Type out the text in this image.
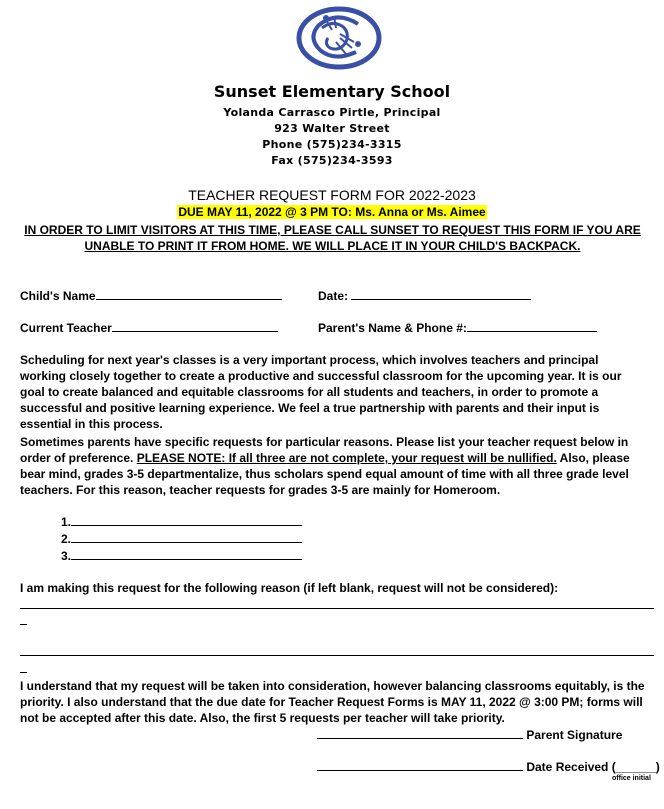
Sunset Elementary School
Yolanda Carrasco Pirtle, Principal
923 Walter Street
Phone (575)234-3315
Fax (575)234-3593
TEACHER REQUEST FORM FOR 2022-2023
DUE MAY 11, 2022 @ 3 PM TO: Ms. Anna or Ms. Aimee
IN ORDER TO LIMIT VISITORS AT THIS TIME, PLEASE CALL SUNSET TO REQUEST THIS FORM IF YOU ARE UNABLE TO PRINT IT FROM HOME. WE WILL PLACE IT IN YOUR CHILD'S BACKPACK.
Child's Name	Date:
Current Teacher	Parent's Name & Phone #:
Scheduling for next year's classes is a very important process, which involves teachers and principal working closely together to create a productive and successful classroom for the upcoming year. It is our goal to create balanced and equitable classrooms for all students and teachers, in order to promote a successful and positive learning experience. We feel a true partnership with parents and their input is essential in this process.
Sometimes parents have specific requests for particular reasons. Please list your teacher request below in order of preference. PLEASE NOTE: If all three are not complete, your request will be nullified. Also, please bear mind, grades 3-5 departmentalize, thus scholars spend equal amount of time with all three grade level teachers. For this reason, teacher requests for grades 3-5 are mainly for Homeroom.
1.
2.
3.
I am making this request for the following reason (if left blank, request will not be considered):
I understand that my request will be taken into consideration, however balancing classrooms equitably, is the priority. I also understand that the due date for Teacher Request Forms is MAY 11, 2022 @ 3:00 PM; forms will not be accepted after this date. Also, the first 5 requests per teacher will take priority.
Parent Signature
Date Received (______)
office initial
